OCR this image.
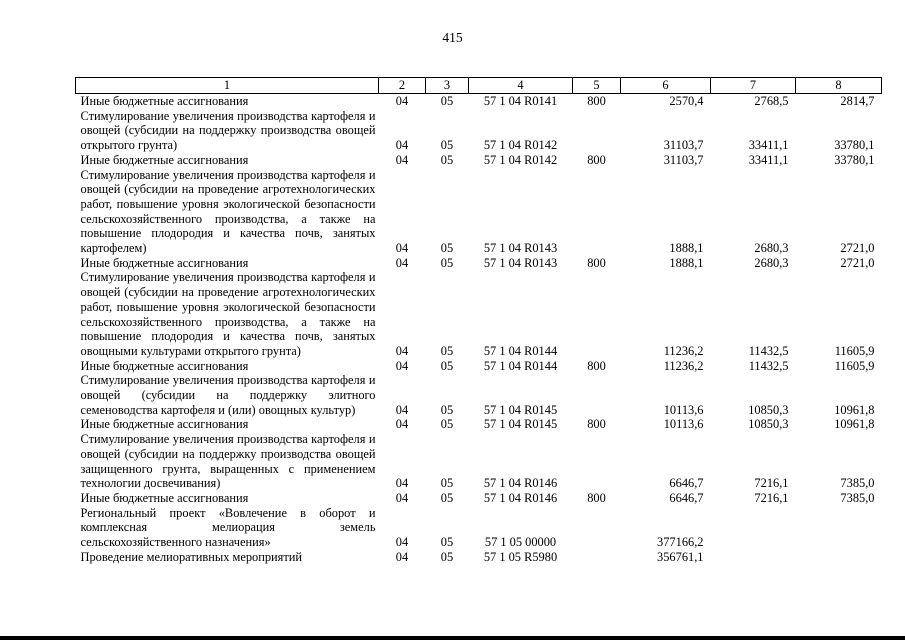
415
1	2	3	4	5	6	7	8
Иные бюджетные ассигнования	04	05	57 1 04 R0141	800	2570,4	2768,5	2814,7
Стимулирование увеличения производства картофеля и овощей (субсидии на поддержку производства овощей открытого грунта)	04	05	57 1 04 R0142		31103,7	33411,1	33780,1
Иные бюджетные ассигнования	04	05	57 1 04 R0142	800	31103,7	33411,1	33780,1
Стимулирование увеличения производства картофеля и овощей (субсидии на проведение агротехнологических работ, повышение уровня экологической безопасности сельскохозяйственного производства, а также на повышение плодородия и качества почв, занятых картофелем)	04	05	57 1 04 R0143		1888,1	2680,3	2721,0
Иные бюджетные ассигнования	04	05	57 1 04 R0143	800	1888,1	2680,3	2721,0
Стимулирование увеличения производства картофеля и овощей (субсидии на проведение агротехнологических работ, повышение уровня экологической безопасности сельскохозяйственного производства, а также на повышение плодородия и качества почв, занятых овощными культурами открытого грунта)	04	05	57 1 04 R0144		11236,2	11432,5	11605,9
Иные бюджетные ассигнования	04	05	57 1 04 R0144	800	11236,2	11432,5	11605,9
Стимулирование увеличения производства картофеля и овощей (субсидии на поддержку элитного семеноводства картофеля и (или) овощных культур)	04	05	57 1 04 R0145		10113,6	10850,3	10961,8
Иные бюджетные ассигнования	04	05	57 1 04 R0145	800	10113,6	10850,3	10961,8
Стимулирование увеличения производства картофеля и овощей (субсидии на поддержку производства овощей защищенного грунта, выращенных с применением технологии досвечивания)	04	05	57 1 04 R0146		6646,7	7216,1	7385,0
Иные бюджетные ассигнования	04	05	57 1 04 R0146	800	6646,7	7216,1	7385,0
Региональный проект «Вовлечение в оборот и комплексная мелиорация земель сельскохозяйственного назначения»	04	05	57 1 05 00000		377166,2		
Проведение мелиоративных мероприятий	04	05	57 1 05 R5980		356761,1		
